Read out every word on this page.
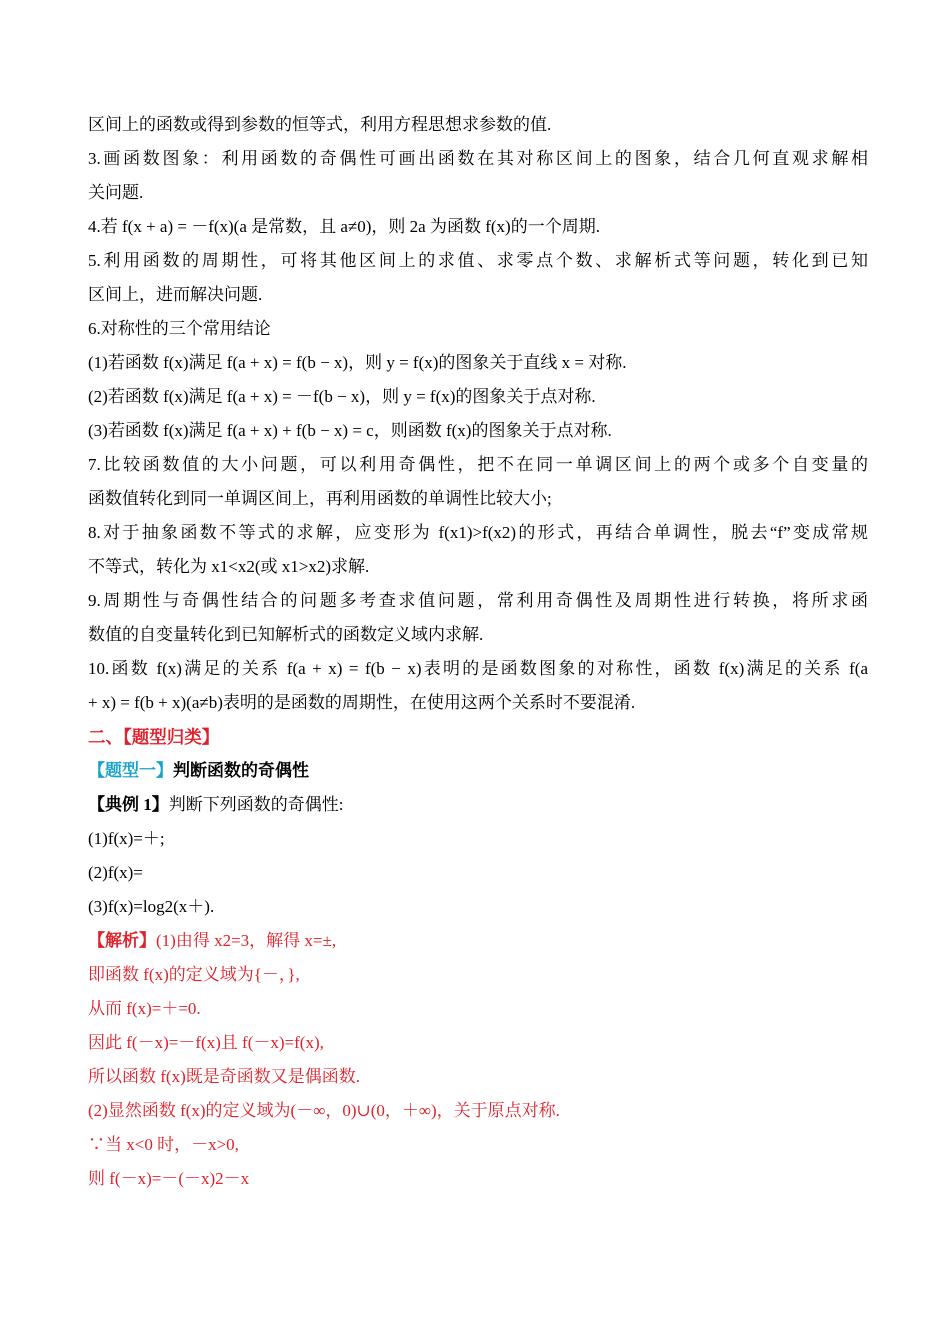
区间上的函数或得到参数的恒等式，利用方程思想求参数的值.
3.画函数图象：利用函数的奇偶性可画出函数在其对称区间上的图象，结合几何直观求解相
关问题.
4.若 f(x + a) = －f(x)(a 是常数，且 a≠0)，则 2a 为函数 f(x)的一个周期.
5.利用函数的周期性，可将其他区间上的求值、求零点个数、求解析式等问题，转化到已知
区间上，进而解决问题.
6.对称性的三个常用结论
(1)若函数 f(x)满足 f(a + x) = f(b − x)，则 y = f(x)的图象关于直线 x = 对称.
(2)若函数 f(x)满足 f(a + x) = －f(b − x)，则 y = f(x)的图象关于点对称.
(3)若函数 f(x)满足 f(a + x) + f(b − x) = c，则函数 f(x)的图象关于点对称.
7.比较函数值的大小问题，可以利用奇偶性，把不在同一单调区间上的两个或多个自变量的
函数值转化到同一单调区间上，再利用函数的单调性比较大小;
8.对于抽象函数不等式的求解，应变形为 f(x1)>f(x2)的形式，再结合单调性，脱去“f”变成常规
不等式，转化为 x1<x2(或 x1>x2)求解.
9.周期性与奇偶性结合的问题多考查求值问题，常利用奇偶性及周期性进行转换，将所求函
数值的自变量转化到已知解析式的函数定义域内求解.
10.函数 f(x)满足的关系 f(a + x) = f(b − x)表明的是函数图象的对称性，函数 f(x)满足的关系 f(a
+ x) = f(b + x)(a≠b)表明的是函数的周期性，在使用这两个关系时不要混淆.
二、【题型归类】
【题型一】判断函数的奇偶性
【典例 1】判断下列函数的奇偶性:
(1)f(x)=＋;
(2)f(x)=
(3)f(x)=log2(x＋).
【解析】(1)由得 x2=3，解得 x=±,
即函数 f(x)的定义域为{－，},
从而 f(x)=＋=0.
因此 f(－x)=－f(x)且 f(－x)=f(x),
所以函数 f(x)既是奇函数又是偶函数.
(2)显然函数 f(x)的定义域为(－∞，0)∪(0，＋∞)，关于原点对称.
∵当 x<0 时，－x>0,
则 f(－x)=－(－x)2－x
